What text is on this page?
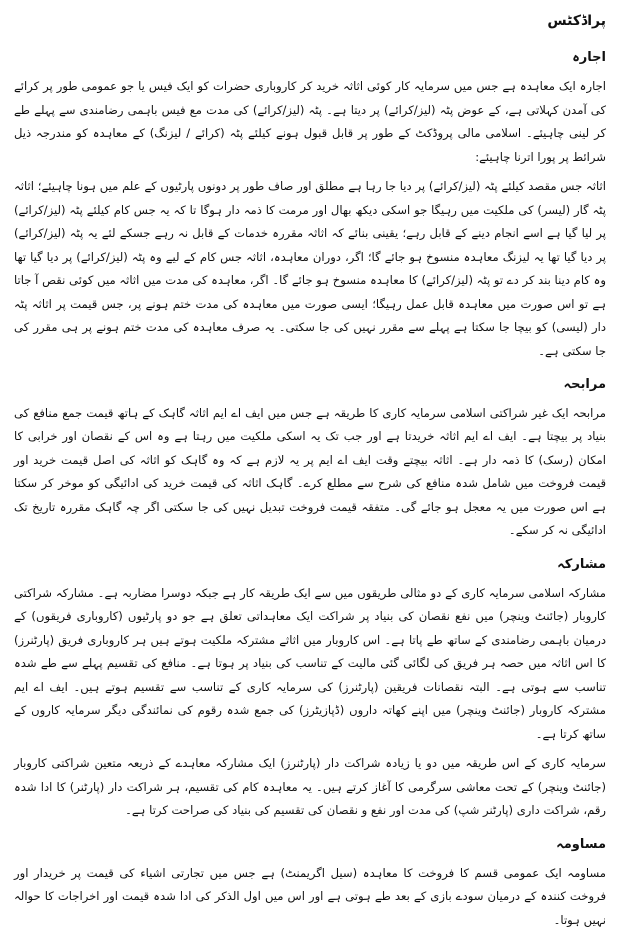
پراڈکٹس
اجارہ

اجارہ ایک معاہدہ ہے جس میں سرمایہ کار کوئی اثاثہ خرید کر کاروباری حضرات کو ایک فیس یا جو عمومی طور پر کرائے کی آمدن کہلاتی ہے، کے عوض پٹہ (لیز/کرائے) پر دیتا ہے۔ پٹہ (لیز/کرائے) کی مدت مع فیس باہمی رضامندی سے پہلے طے کر لینی چاہیئے۔ اسلامی مالی پروڈکٹ کے طور پر قابل قبول ہونے کیلئے پٹہ (کرائے / لیزنگ) کے معاہدہ کو مندرجہ ذیل شرائط پر پورا اترنا چاہیئے:

اثاثہ جس مقصد کیلئے پٹہ (لیز/کرائے) پر دیا جا رہا ہے مطلق اور صاف طور پر دونوں پارٹیوں کے علم میں ہونا چاہیئے؛ اثاثہ پٹہ گار (لیسر) کی ملکیت میں رہیگا جو اسکی دیکھ بھال اور مرمت کا ذمہ دار ہوگا تا کہ یہ جس کام کیلئے پٹہ (لیز/کرائے) پر لیا گیا ہے اسے انجام دینے کے قابل رہے؛ یقینی بنائے کہ اثاثہ مقررہ خدمات کے قابل نہ رہے جسکے لئے یہ پٹہ (لیز/کرائے) پر دیا گیا تھا یہ لیزنگ معاہدہ منسوخ ہو جائے گا؛ اگر، دوران معاہدہ، اثاثہ جس کام کے لیے وہ پٹہ (لیز/کرائے) پر دیا گیا تھا وہ کام دینا بند کر دے تو پٹہ (لیز/کرائے) کا معاہدہ منسوخ ہو جائے گا۔ اگر، معاہدہ کی مدت میں اثاثہ میں کوئی نقص آ جاتا ہے تو اس صورت میں معاہدہ قابل عمل رہیگا؛ ایسی صورت میں معاہدہ کی مدت ختم ہونے پر، جس قیمت پر اثاثہ پٹہ دار (لیسی) کو بیچا جا سکتا ہے پہلے سے مقرر نہیں کی جا سکتی۔ یہ صرف معاہدہ کی مدت ختم ہونے پر ہی مقرر کی جا سکتی ہے۔

مرابحہ

مرابحہ ایک غیر شراکتی اسلامی سرمایہ کاری کا طریقہ ہے جس میں ایف اے ایم اثاثہ گاہک کے ہاتھ قیمت جمع منافع کی بنیاد پر بیچتا ہے۔ ایف اے ایم اثاثہ خریدتا ہے اور جب تک یہ اسکی ملکیت میں رہتا ہے وہ اس کے نقصان اور خرابی کا امکان (رسک) کا ذمہ دار ہے۔ اثاثہ بیچتے وقت ایف اے ایم پر یہ لازم ہے کہ وہ گاہک کو اثاثہ کی اصل قیمت خرید اور قیمت فروخت میں شامل شدہ منافع کی شرح سے مطلع کرے۔ گاہک اثاثہ کی قیمت خرید کی ادائیگی کو موخر کر سکتا ہے اس صورت میں یہ معجل ہو جائے گی۔ متفقہ قیمت فروخت تبدیل نہیں کی جا سکتی اگر چہ گاہک مقررہ تاریخ تک ادائیگی نہ کر سکے۔

مشارکہ

مشارکہ اسلامی سرمایہ کاری کے دو مثالی طریقوں میں سے ایک طریقہ کار ہے جبکہ دوسرا مضاربہ ہے۔ مشارکہ شراکتی کاروبار (جائنٹ وینچر) میں نفع نقصان کی بنیاد پر شراکت ایک معاہداتی تعلق ہے جو دو پارٹیوں (کاروباری فریقوں) کے درمیان باہمی رضامندی کے ساتھ طے پاتا ہے۔ اس کاروبار میں اثاثے مشترکہ ملکیت ہوتے ہیں ہر کاروباری فریق (پارٹنرز) کا اس اثاثہ میں حصہ ہر فریق کی لگائی گئی مالیت کے تناسب کی بنیاد پر ہوتا ہے۔ منافع کی تقسیم پہلے سے طے شدہ تناسب سے ہوتی ہے۔ البتہ نقصانات فریقین (پارٹنرز) کی سرمایہ کاری کے تناسب سے تقسیم ہوتے ہیں۔ ایف اے ایم مشترکہ کاروبار (جائنٹ وینچر) میں اپنے کھاتہ داروں (ڈپازیٹرز) کی جمع شدہ رقوم کی نمائندگی دیگر سرمایہ کاروں کے ساتھ کرتا ہے۔

سرمایہ کاری کے اس طریقہ میں دو یا زیادہ شراکت دار (پارٹنرز) ایک مشارکہ معاہدے کے ذریعہ متعین شراکتی کاروبار (جائنٹ وینچر) کے تحت معاشی سرگرمی کا آغاز کرتے ہیں۔ یہ معاہدہ کام کی تقسیم، ہر شراکت دار (پارٹنر) کا ادا شدہ رقم، شراکت داری (پارٹنر شپ) کی مدت اور نفع و نقصان کی تقسیم کی بنیاد کی صراحت کرتا ہے۔

مساومہ

مساومہ ایک عمومی قسم کا فروخت کا معاہدہ (سیل اگریمنٹ) ہے جس میں تجارتی اشیاء کی قیمت پر خریدار اور فروخت کنندہ کے درمیان سودے بازی کے بعد طے ہوتی ہے اور اس میں اول الذکر کی ادا شدہ قیمت اور اخراجات کا حوالہ نہیں ہوتا۔
